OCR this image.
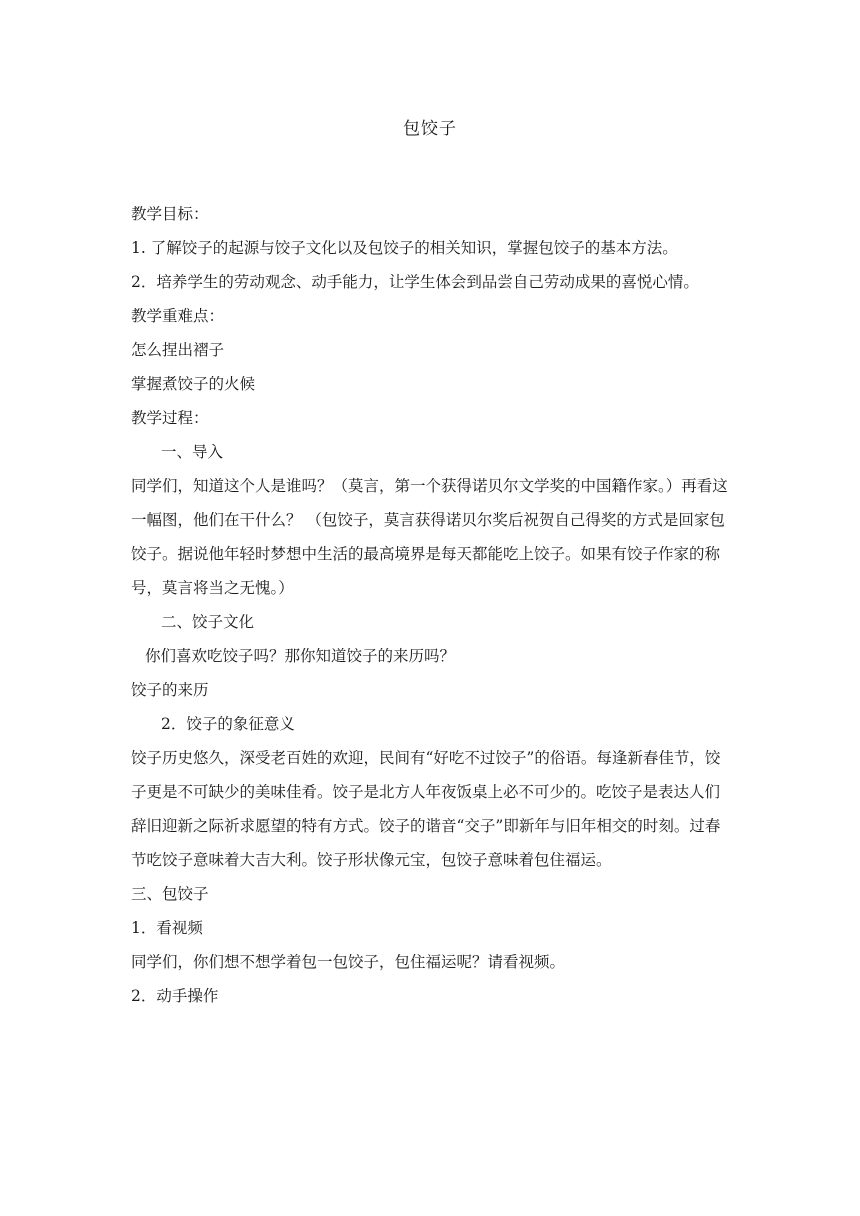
包饺子
教学目标：
1. 了解饺子的起源与饺子文化以及包饺子的相关知识，掌握包饺子的基本方法。
2．培养学生的劳动观念、动手能力，让学生体会到品尝自己劳动成果的喜悦心情。
教学重难点：
怎么捏出褶子
掌握煮饺子的火候
教学过程：
一、导入
同学们，知道这个人是谁吗？（莫言，第一个获得诺贝尔文学奖的中国籍作家。）再看这一幅图，他们在干什么？ （包饺子，莫言获得诺贝尔奖后祝贺自己得奖的方式是回家包饺子。据说他年轻时梦想中生活的最高境界是每天都能吃上饺子。如果有饺子作家的称号，莫言将当之无愧。）
二、饺子文化
你们喜欢吃饺子吗？那你知道饺子的来历吗？
饺子的来历
2．饺子的象征意义
饺子历史悠久，深受老百姓的欢迎，民间有“好吃不过饺子”的俗语。每逢新春佳节，饺子更是不可缺少的美味佳肴。饺子是北方人年夜饭桌上必不可少的。吃饺子是表达人们辞旧迎新之际祈求愿望的特有方式。饺子的谐音“交子”即新年与旧年相交的时刻。过春节吃饺子意味着大吉大利。饺子形状像元宝，包饺子意味着包住福运。
三、包饺子
1．看视频
同学们，你们想不想学着包一包饺子，包住福运呢？请看视频。
2．动手操作
